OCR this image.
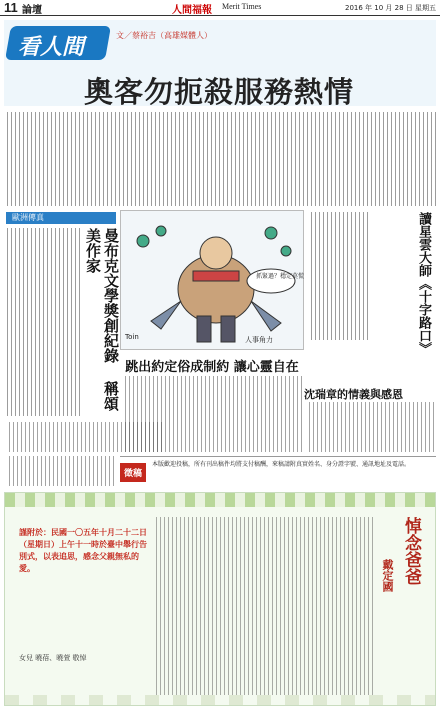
11 論壇	人間福報 Merit Times	2016 年 10 月 28 日 星期五
看人間	文／蔡裕吉（高雄媒體人）
奧客勿扼殺服務熱情
歐洲傳真
曼布克文學獎創紀錄 稱頌美作家
抓緊過？穩定莫慌
Toin	人事角力
跳出約定俗成制約 讓心靈自在
讀星雲大師《十字路口》
沈瑞章的情義與感恩
徵稿
本版歡迎投稿，所有刊出稿件均將支付稿酬，來稿請附真實姓名、身分證字號、通訊地址及電話。
悼念爸爸
戴定國
謹附於：民國一〇五年十月二十二日（星期日）上午十一時於臺中舉行告別式，以表追思，感念父親無私的愛。
女兒 曉蓓、曉萱 敬悼
